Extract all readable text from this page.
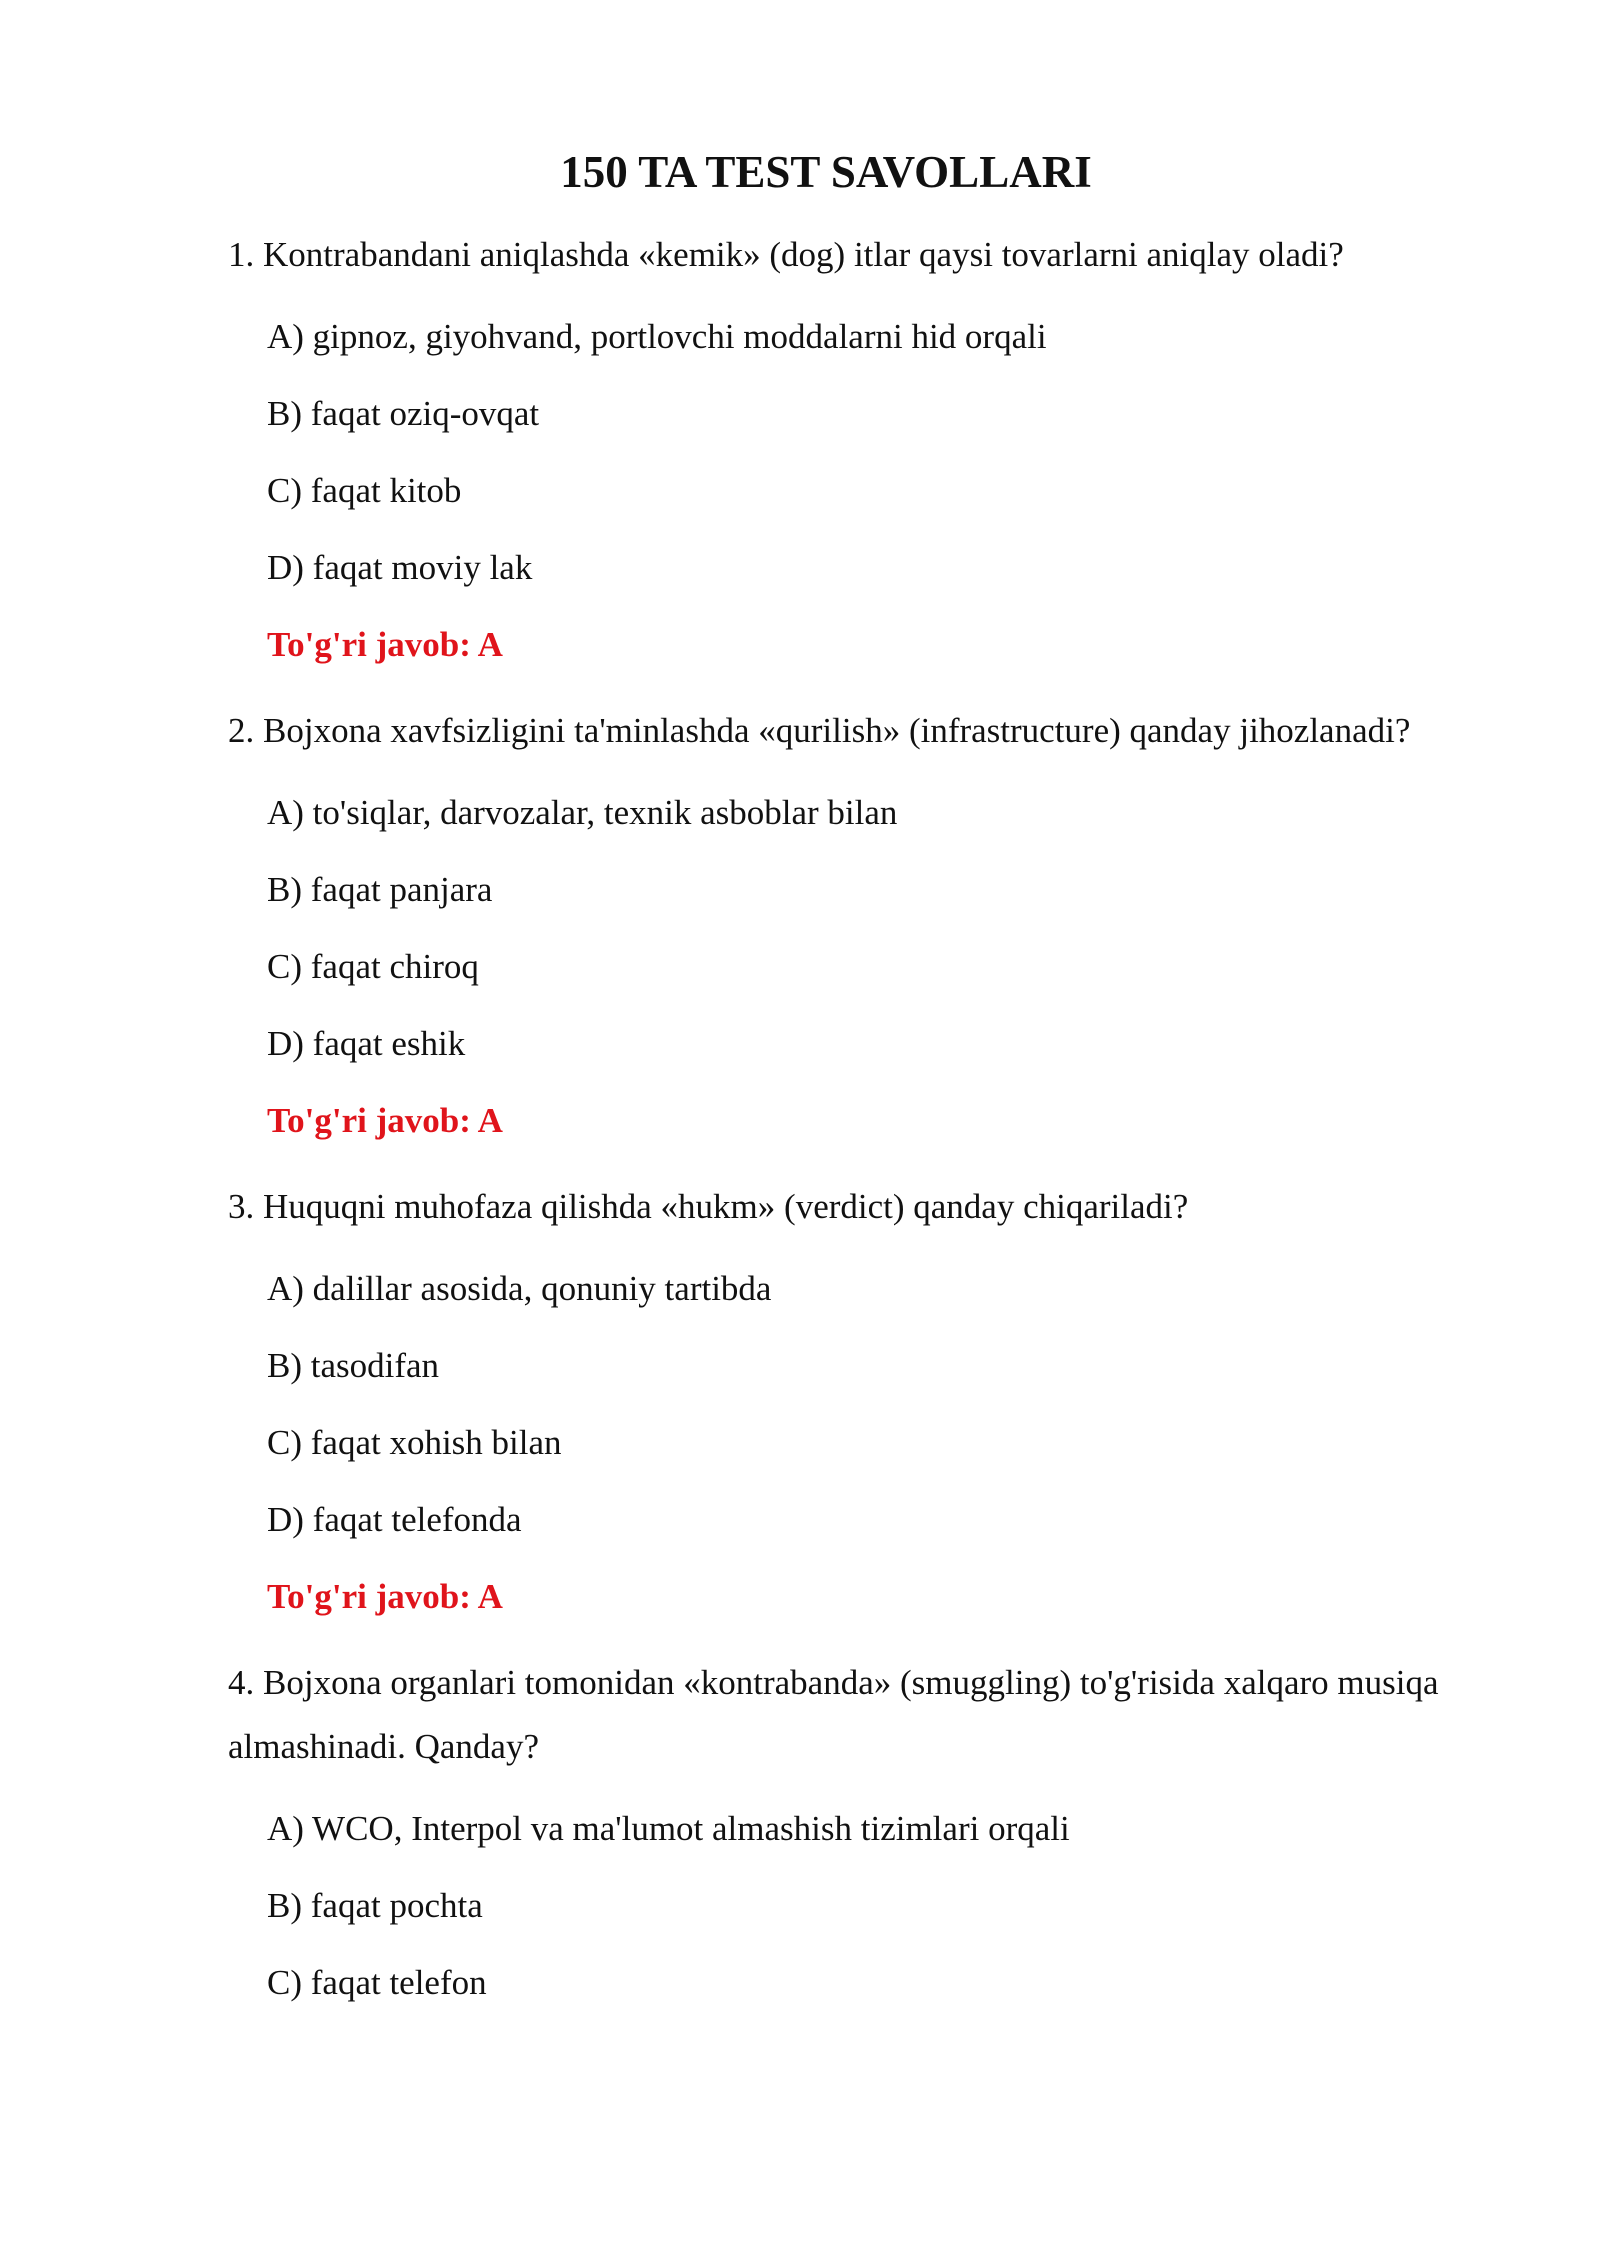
150 TA TEST SAVOLLARI

1. Kontrabandani aniqlashda «kemik» (dog) itlar qaysi tovarlarni aniqlay oladi?

A) gipnoz, giyohvand, portlovchi moddalarni hid orqali
B) faqat oziq-ovqat
C) faqat kitob
D) faqat moviy lak
To'g'ri javob: A

2. Bojxona xavfsizligini ta'minlashda «qurilish» (infrastructure) qanday jihozlanadi?

A) to'siqlar, darvozalar, texnik asboblar bilan
B) faqat panjara
C) faqat chiroq
D) faqat eshik
To'g'ri javob: A

3. Huquqni muhofaza qilishda «hukm» (verdict) qanday chiqariladi?

A) dalillar asosida, qonuniy tartibda
B) tasodifan
C) faqat xohish bilan
D) faqat telefonda
To'g'ri javob: A

4. Bojxona organlari tomonidan «kontrabanda» (smuggling) to'g'risida xalqaro musiqa almashinadi. Qanday?

A) WCO, Interpol va ma'lumot almashish tizimlari orqali
B) faqat pochta
C) faqat telefon
